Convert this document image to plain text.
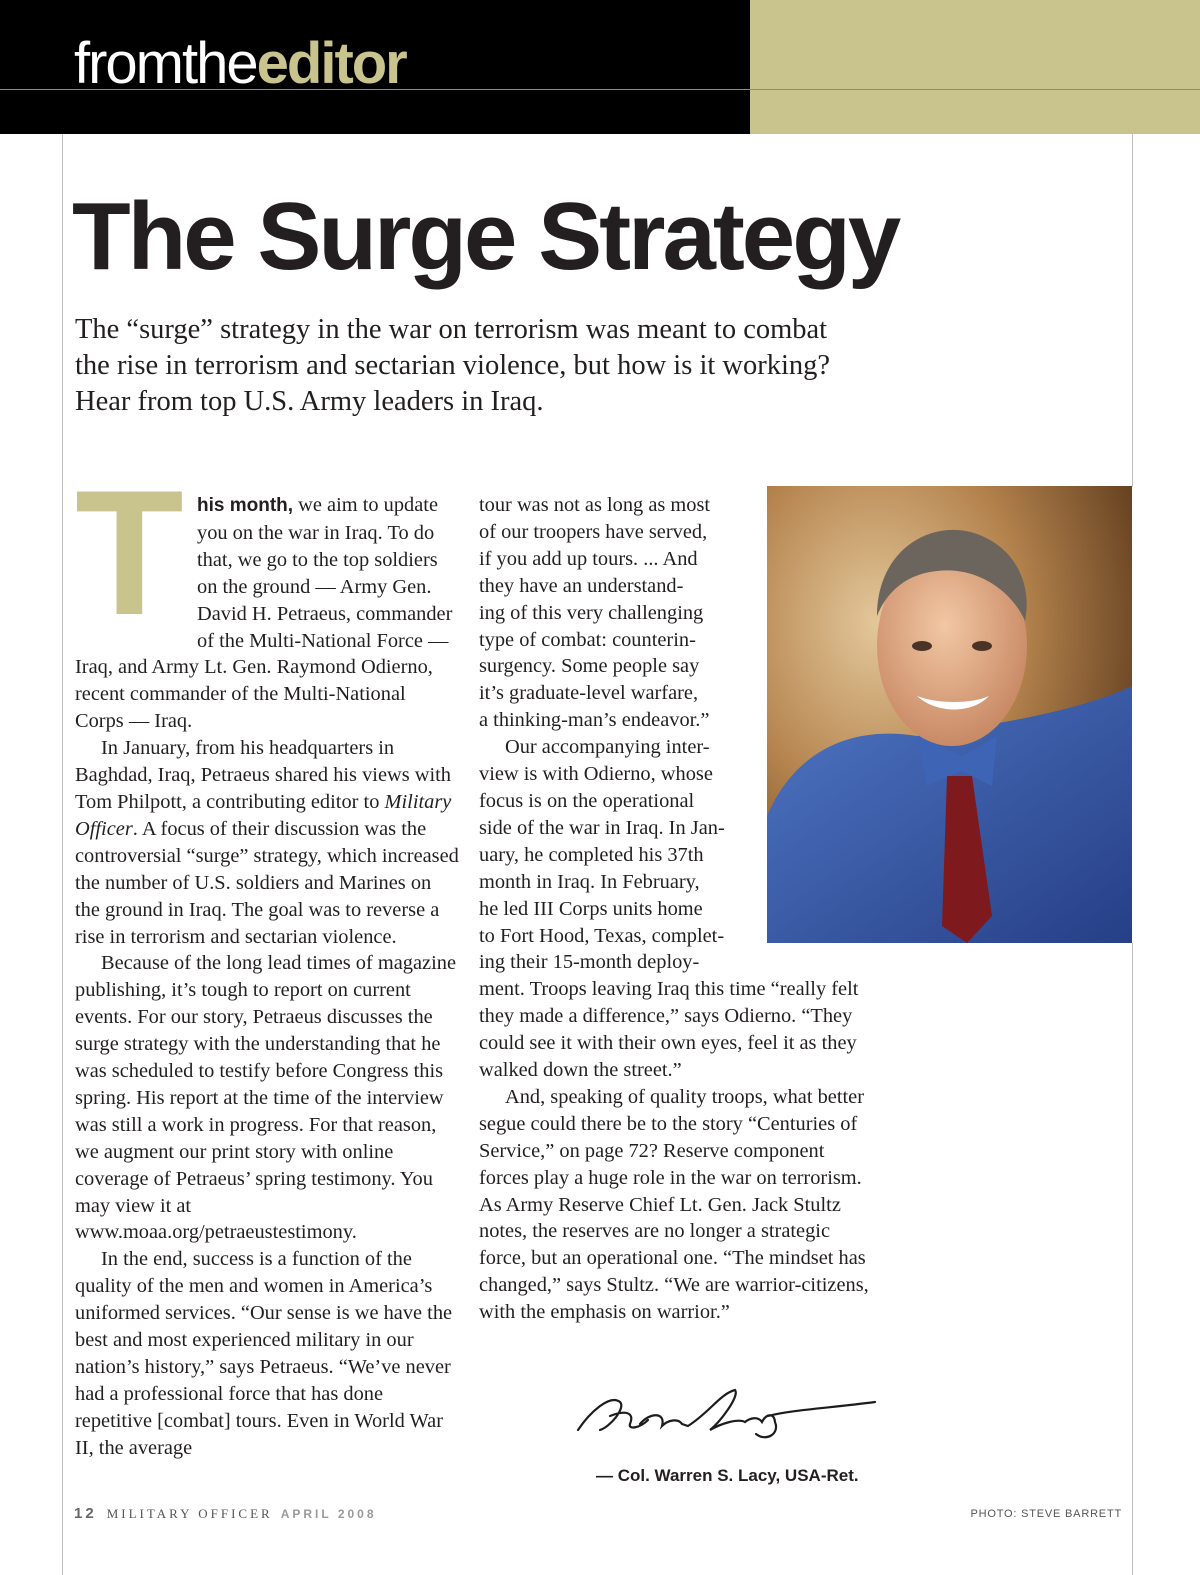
fromtheeditor
The Surge Strategy

The “surge” strategy in the war on terrorism was meant to combat the rise in terrorism and sectarian violence, but how is it working? Hear from top U.S. Army leaders in Iraq.

T his month, we aim to update you on the war in Iraq. To do that, we go to the top soldiers on the ground — Army Gen. David H. Petraeus, commander of the Multi-National Force — Iraq, and Army Lt. Gen. Raymond Odierno, recent commander of the Multi-National Corps — Iraq.

In January, from his headquarters in Baghdad, Iraq, Petraeus shared his views with Tom Philpott, a contributing editor to Military Officer. A focus of their discussion was the controversial “surge” strategy, which increased the number of U.S. soldiers and Marines on the ground in Iraq. The goal was to reverse a rise in terrorism and sectarian violence.

Because of the long lead times of magazine publishing, it’s tough to report on current events. For our story, Petraeus discusses the surge strategy with the understanding that he was scheduled to testify before Congress this spring. His report at the time of the interview was still a work in progress. For that reason, we augment our print story with online coverage of Petraeus’ spring testimony. You may view it at www.moaa.org/petraeustestimony.

In the end, success is a function of the quality of the men and women in America’s uniformed services. “Our sense is we have the best and most experienced military in our nation’s history,” says Petraeus. “We’ve never had a professional force that has done repetitive [combat] tours. Even in World War II, the average

tour was not as long as most
of our troopers have served,
if you add up tours. ... And
they have an understand-
ing of this very challenging
type of combat: counterin-
surgency. Some people say
it’s graduate-level warfare,
a thinking-man’s endeavor.”
Our accompanying inter-
view is with Odierno, whose
focus is on the operational
side of the war in Iraq. In Jan-
uary, he completed his 37th
month in Iraq. In February,
he led III Corps units home
to Fort Hood, Texas, complet-
ing their 15-month deploy-

ment. Troops leaving Iraq this time “really felt they made a difference,” says Odierno. “They could see it with their own eyes, feel it as they walked down the street.”

And, speaking of quality troops, what better segue could there be to the story “Centuries of Service,” on page 72? Reserve component forces play a huge role in the war on terrorism. As Army Reserve Chief Lt. Gen. Jack Stultz notes, the reserves are no longer a strategic force, but an operational one. “The mindset has changed,” says Stultz. “We are warrior-citizens, with the emphasis on warrior.”

— Col. Warren S. Lacy, USA-Ret.
12 MILITARY OFFICER APRIL 2008	PHOTO: STEVE BARRETT
